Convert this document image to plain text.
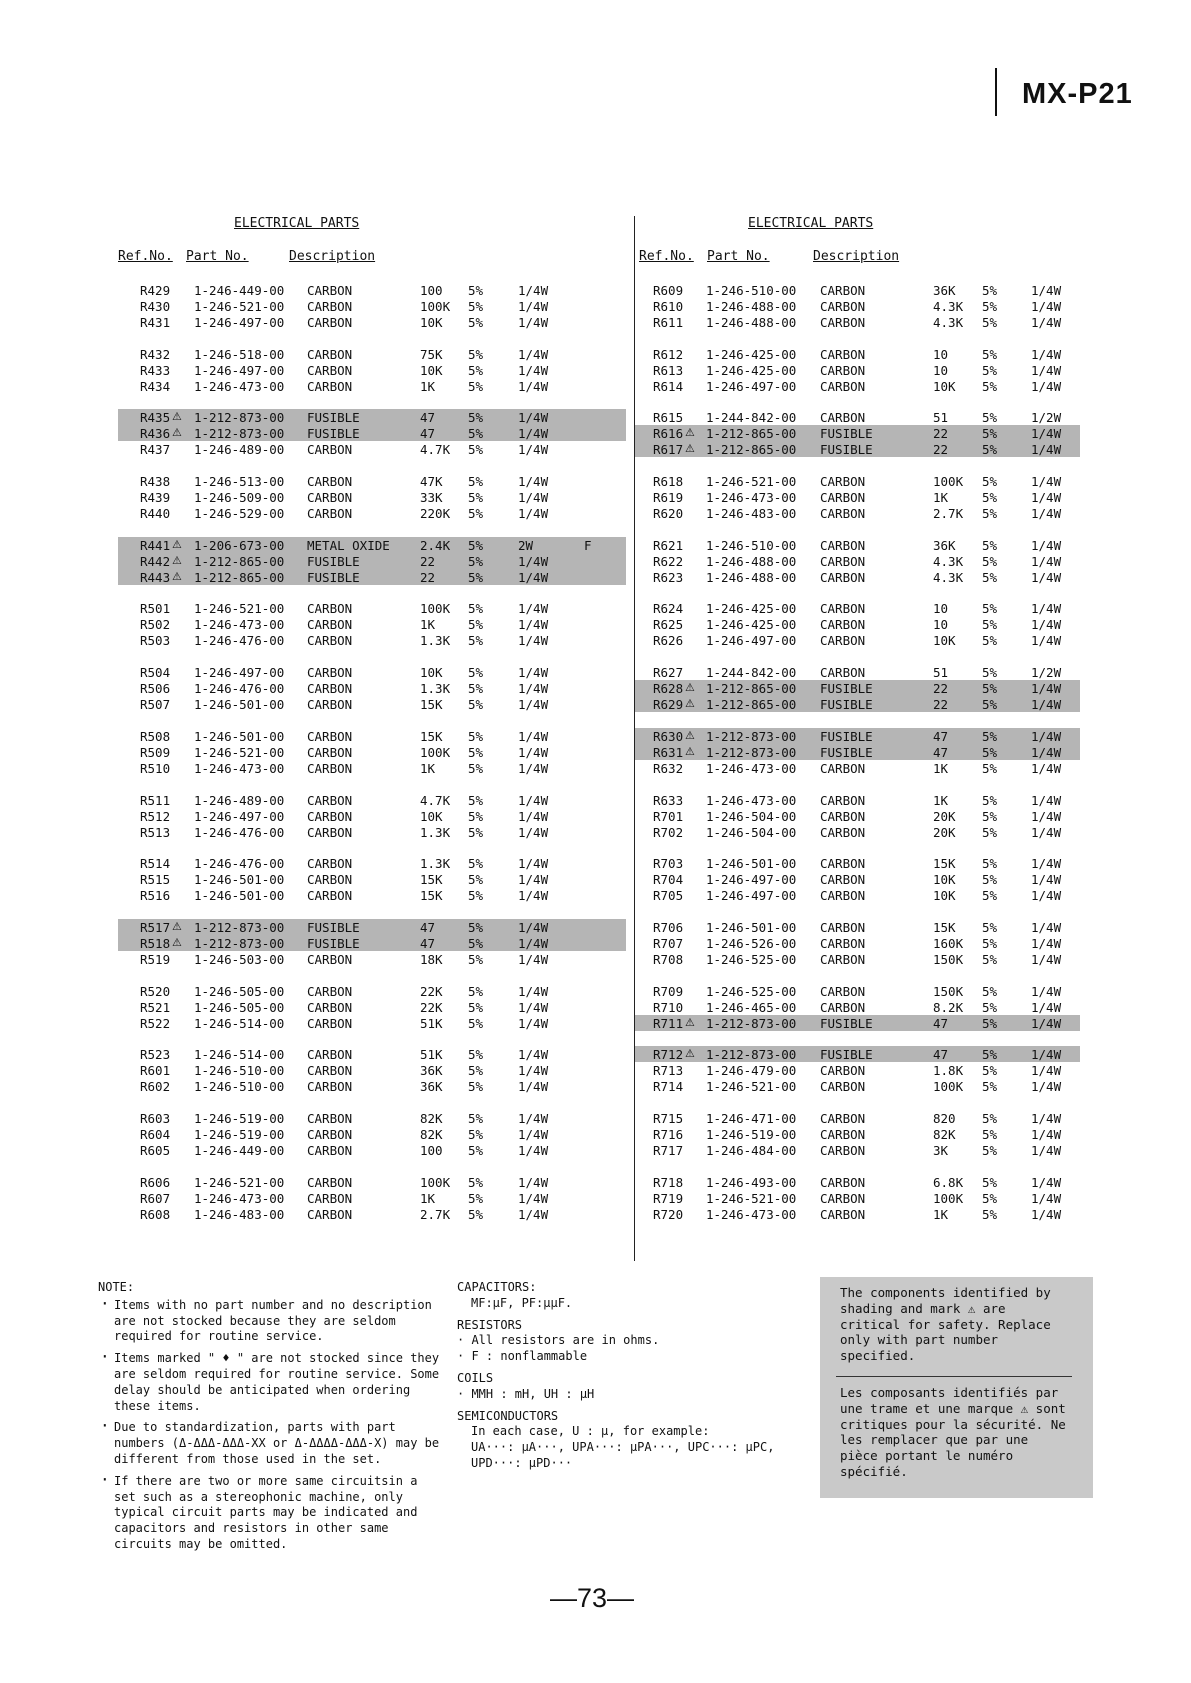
MX-P21
ELECTRICAL PARTS
Ref.No. Part No.	Description
R429 1-246-449-00 CARBON	100 5%	1/4W
R430 1-246-521-00 CARBON	100K 5%	1/4W
R431 1-246-497-00 CARBON	10K 5%	1/4W
R432 1-246-518-00 CARBON	75K 5%	1/4W
R433 1-246-497-00 CARBON	10K 5%	1/4W
R434 1-246-473-00 CARBON	1K	5%	1/4W
R435 ⚠ 1-212-873-00 FUSIBLE	47	5%	1/4W
R436 ⚠ 1-212-873-00 FUSIBLE	47	5%	1/4W
R437 1-246-489-00 CARBON	4.7K 5%	1/4W
R438 1-246-513-00 CARBON	47K 5%	1/4W
R439 1-246-509-00 CARBON	33K 5%	1/4W
R440 1-246-529-00 CARBON	220K 5%	1/4W
R441 ⚠ 1-206-673-00 METAL OXIDE 2.4K 5%	2W	F
R442 ⚠ 1-212-865-00 FUSIBLE	22	5%	1/4W
R443 ⚠ 1-212-865-00 FUSIBLE	22	5%	1/4W
R501 1-246-521-00 CARBON	100K 5%	1/4W
R502 1-246-473-00 CARBON	1K	5%	1/4W
R503 1-246-476-00 CARBON	1.3K 5%	1/4W
R504 1-246-497-00 CARBON	10K 5%	1/4W
R506 1-246-476-00 CARBON	1.3K 5%	1/4W
R507 1-246-501-00 CARBON	15K 5%	1/4W
R508 1-246-501-00 CARBON	15K 5%	1/4W
R509 1-246-521-00 CARBON	100K 5%	1/4W
R510 1-246-473-00 CARBON	1K	5%	1/4W
R511 1-246-489-00 CARBON	4.7K 5%	1/4W
R512 1-246-497-00 CARBON	10K 5%	1/4W
R513 1-246-476-00 CARBON	1.3K 5%	1/4W
R514 1-246-476-00 CARBON	1.3K 5%	1/4W
R515 1-246-501-00 CARBON	15K 5%	1/4W
R516 1-246-501-00 CARBON	15K 5%	1/4W
R517 ⚠ 1-212-873-00 FUSIBLE	47	5%	1/4W
R518 ⚠ 1-212-873-00 FUSIBLE	47	5%	1/4W
R519 1-246-503-00 CARBON	18K 5%	1/4W
R520 1-246-505-00 CARBON	22K 5%	1/4W
R521 1-246-505-00 CARBON	22K 5%	1/4W
R522 1-246-514-00 CARBON	51K 5%	1/4W
R523 1-246-514-00 CARBON	51K 5%	1/4W
R601 1-246-510-00 CARBON	36K 5%	1/4W
R602 1-246-510-00 CARBON	36K 5%	1/4W
R603 1-246-519-00 CARBON	82K 5%	1/4W
R604 1-246-519-00 CARBON	82K 5%	1/4W
R605 1-246-449-00 CARBON	100 5%	1/4W
R606 1-246-521-00 CARBON	100K 5%	1/4W
R607 1-246-473-00 CARBON	1K	5%	1/4W
R608 1-246-483-00 CARBON	2.7K 5%	1/4W
ELECTRICAL PARTS
Ref.No. Part No.	Description
R609 1-246-510-00 CARBON	36K 5%	1/4W
R610 1-246-488-00 CARBON	4.3K 5%	1/4W
R611 1-246-488-00 CARBON	4.3K 5%	1/4W
R612 1-246-425-00 CARBON	10	5%	1/4W
R613 1-246-425-00 CARBON	10	5%	1/4W
R614 1-246-497-00 CARBON	10K 5%	1/4W
R615 1-244-842-00 CARBON	51	5%	1/2W
R616 ⚠ 1-212-865-00 FUSIBLE	22	5%	1/4W
R617 ⚠ 1-212-865-00 FUSIBLE	22	5%	1/4W
R618 1-246-521-00 CARBON	100K 5%	1/4W
R619 1-246-473-00 CARBON	1K	5%	1/4W
R620 1-246-483-00 CARBON	2.7K 5%	1/4W
R621 1-246-510-00 CARBON	36K 5%	1/4W
R622 1-246-488-00 CARBON	4.3K 5%	1/4W
R623 1-246-488-00 CARBON	4.3K 5%	1/4W
R624 1-246-425-00 CARBON	10	5%	1/4W
R625 1-246-425-00 CARBON	10	5%	1/4W
R626 1-246-497-00 CARBON	10K 5%	1/4W
R627 1-244-842-00 CARBON	51	5%	1/2W
R628 ⚠ 1-212-865-00 FUSIBLE	22	5%	1/4W
R629 ⚠ 1-212-865-00 FUSIBLE	22	5%	1/4W
R630 ⚠ 1-212-873-00 FUSIBLE	47	5%	1/4W
R631 ⚠ 1-212-873-00 FUSIBLE	47	5%	1/4W
R632 1-246-473-00 CARBON	1K	5%	1/4W
R633 1-246-473-00 CARBON	1K	5%	1/4W
R701 1-246-504-00 CARBON	20K 5%	1/4W
R702 1-246-504-00 CARBON	20K 5%	1/4W
R703 1-246-501-00 CARBON	15K 5%	1/4W
R704 1-246-497-00 CARBON	10K 5%	1/4W
R705 1-246-497-00 CARBON	10K 5%	1/4W
R706 1-246-501-00 CARBON	15K 5%	1/4W
R707 1-246-526-00 CARBON	160K 5%	1/4W
R708 1-246-525-00 CARBON	150K 5%	1/4W
R709 1-246-525-00 CARBON	150K 5%	1/4W
R710 1-246-465-00 CARBON	8.2K 5%	1/4W
R711 ⚠ 1-212-873-00 FUSIBLE	47	5%	1/4W
R712 ⚠ 1-212-873-00 FUSIBLE	47	5%	1/4W
R713 1-246-479-00 CARBON	1.8K 5%	1/4W
R714 1-246-521-00 CARBON	100K 5%	1/4W
R715 1-246-471-00 CARBON	820 5%	1/4W
R716 1-246-519-00 CARBON	82K 5%	1/4W
R717 1-246-484-00 CARBON	3K	5%	1/4W
R718 1-246-493-00 CARBON	6.8K 5%	1/4W
R719 1-246-521-00 CARBON	100K 5%	1/4W
R720 1-246-473-00 CARBON	1K	5%	1/4W
NOTE:
· Items with no part number and no description are not stocked because they are seldom required for routine service.
· Items marked " ♦ " are not stocked since they are seldom required for routine service. Some delay should be anticipated when ordering these items.
· Due to standardization, parts with part numbers (Δ-ΔΔΔ-ΔΔΔ-XX or Δ-ΔΔΔΔ-ΔΔΔ-X) may be different from those used in the set.
· If there are two or more same circuitsin a set such as a stereophonic machine, only typical circuit parts may be indicated and capacitors and resistors in other same circuits may be omitted.
CAPACITORS:
MF:μF, PF:μμF.
RESISTORS
· All resistors are in ohms.
· F : nonflammable
COILS
· MMH : mH, UH : μH
SEMICONDUCTORS
In each case, U : μ, for example:
UA···: μA···, UPA···: μPA···, UPC···: μPC,
UPD···: μPD···
The components identified by shading and mark ⚠ are critical for safety. Replace only with part number specified.
Les composants identifiés par une trame et une marque ⚠ sont critiques pour la sécurité. Ne les remplacer que par une pièce portant le numéro spécifié.
—73—
